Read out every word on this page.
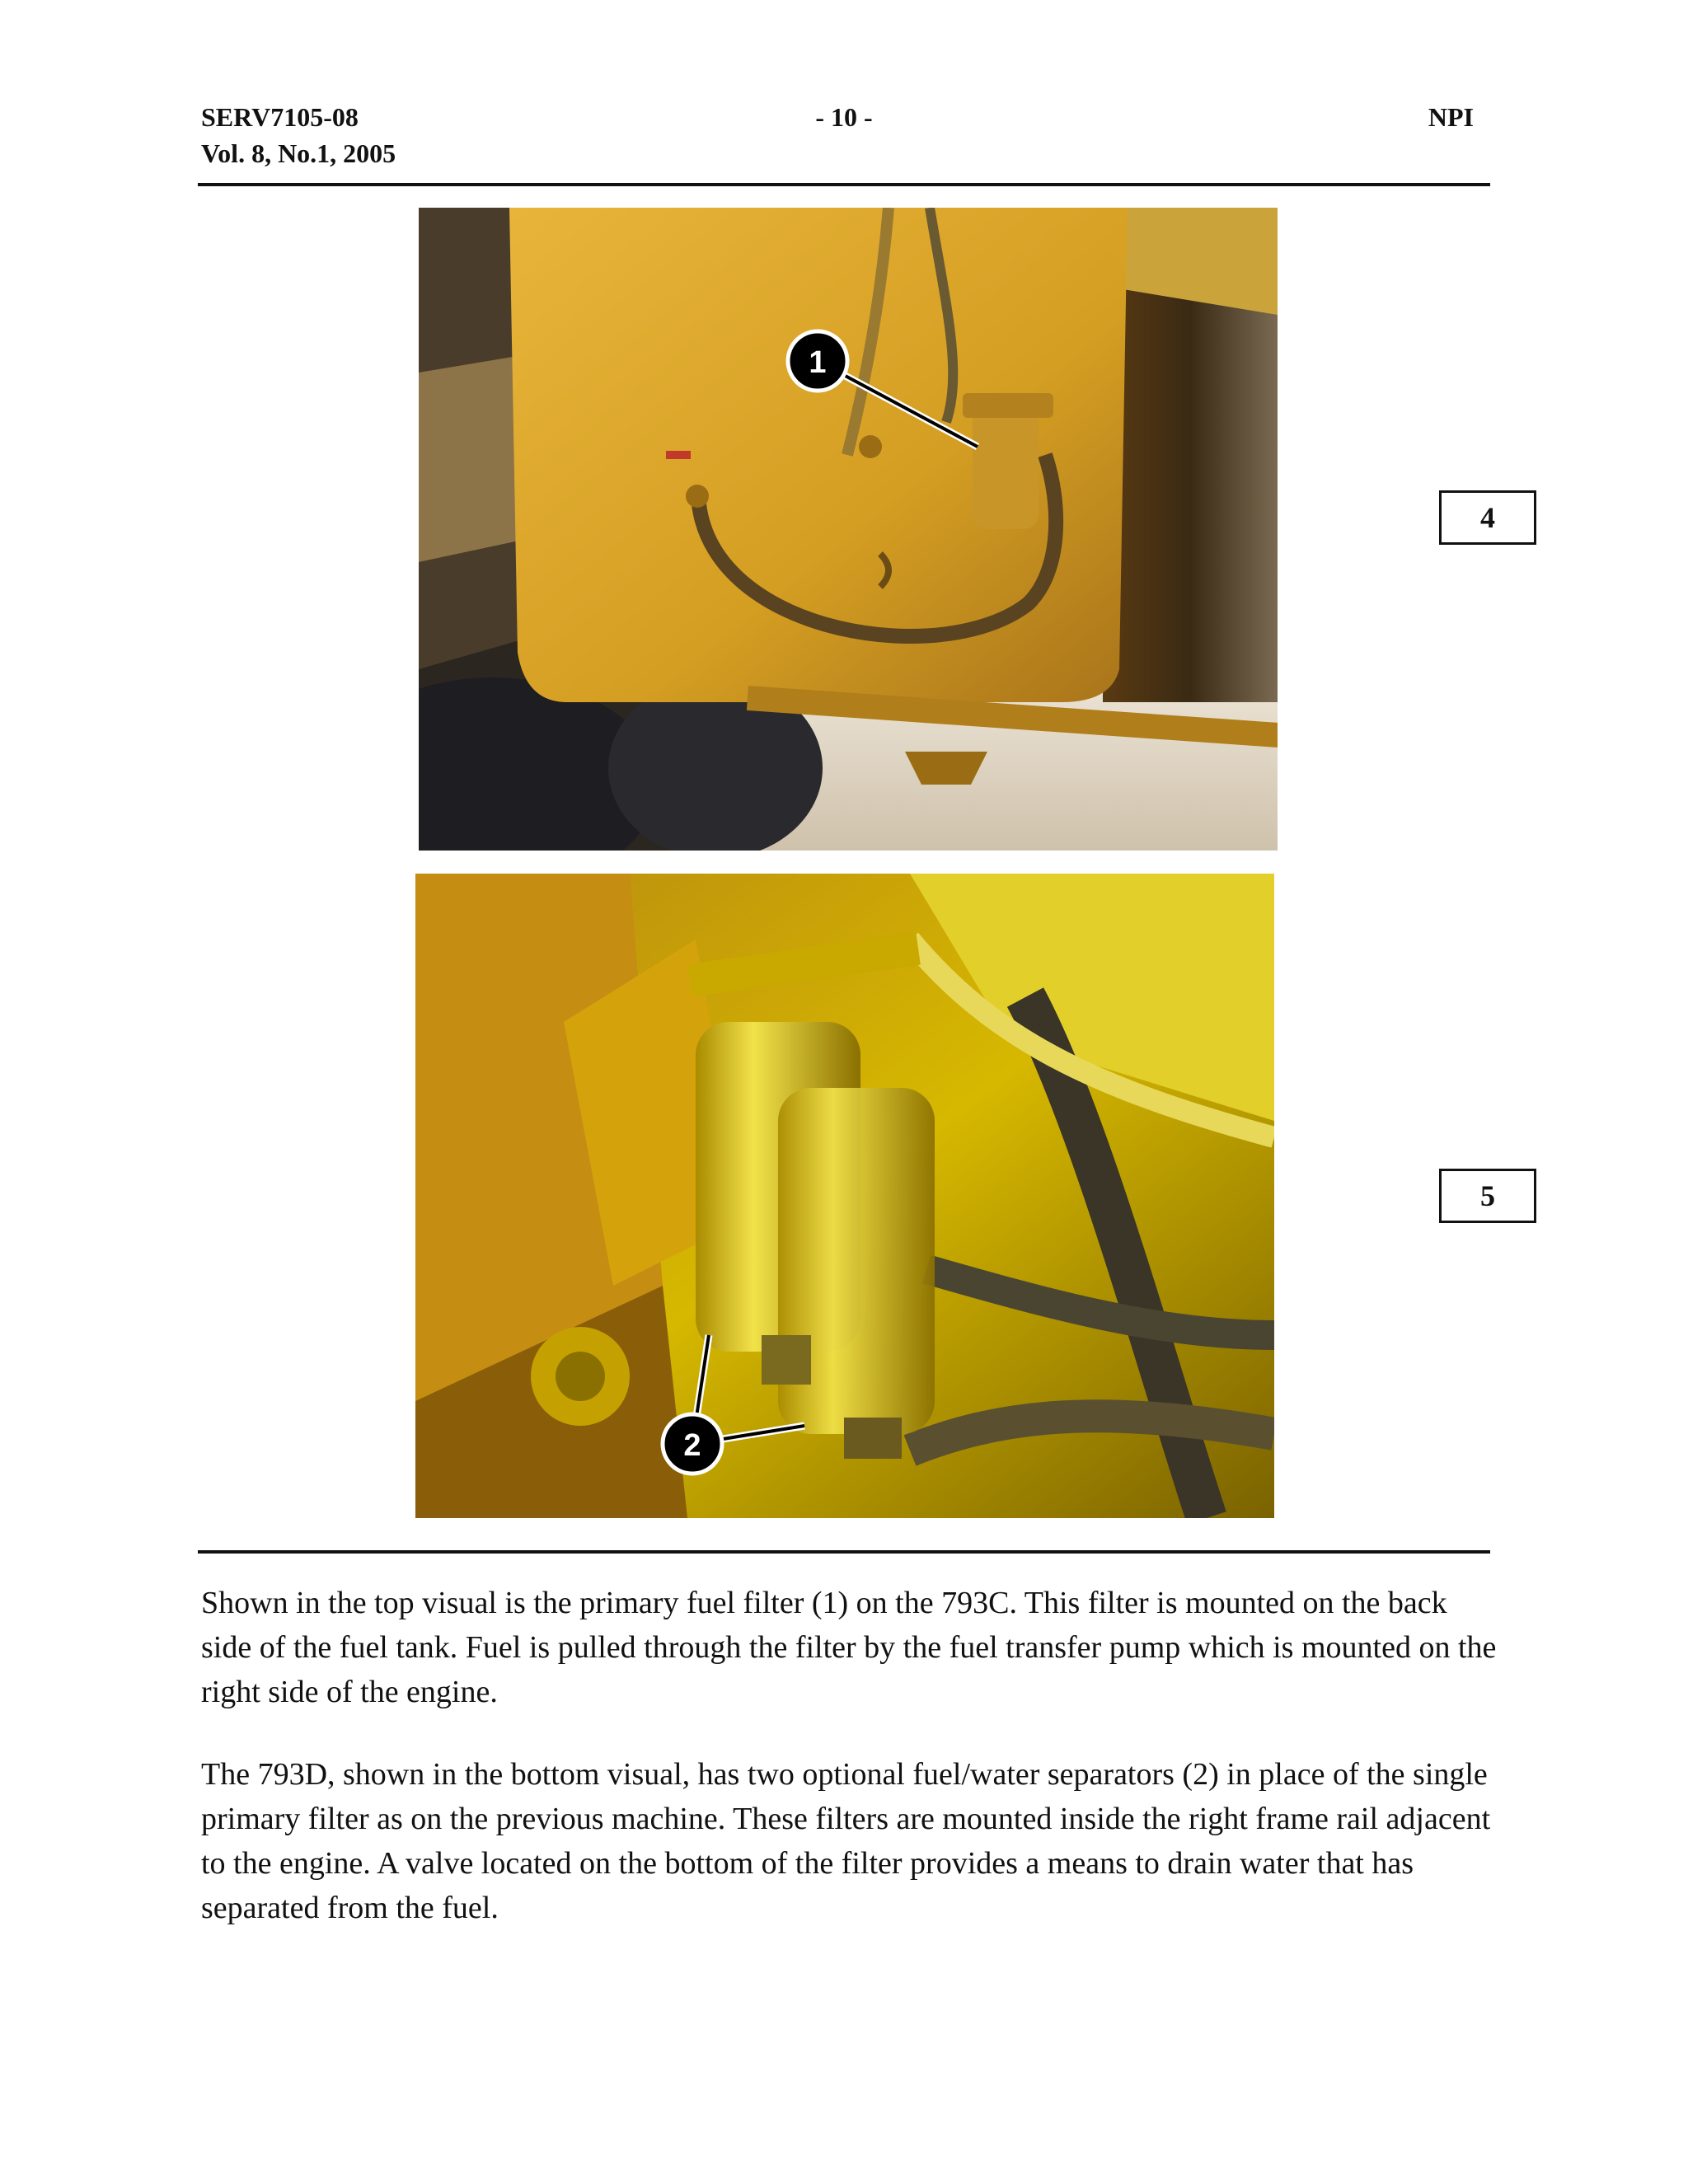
SERV7105-08
Vol. 8, No.1, 2005
- 10 -	NPI
1
2
4
5

Shown in the top visual is the primary fuel filter (1) on the 793C. This filter is mounted on the back side of the fuel tank. Fuel is pulled through the filter by the fuel transfer pump which is mounted on the right side of the engine.

The 793D, shown in the bottom visual, has two optional fuel/water separators (2) in place of the single primary filter as on the previous machine. These filters are mounted inside the right frame rail adjacent to the engine. A valve located on the bottom of the filter provides a means to drain water that has separated from the fuel.
